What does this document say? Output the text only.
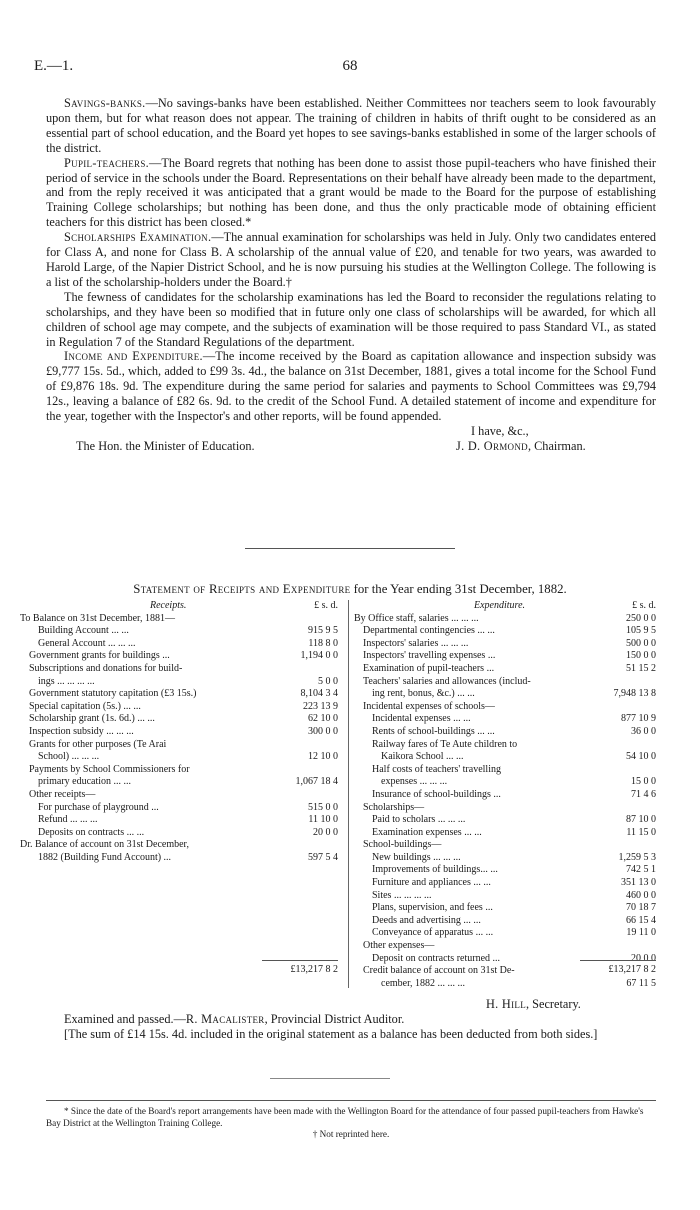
E.—1.	68

Savings-banks.—No savings-banks have been established. Neither Committees nor teachers seem to look favourably upon them, but for what reason does not appear. The training of children in habits of thrift ought to be considered as an essential part of school education, and the Board yet hopes to see savings-banks established in some of the larger schools of the district.

Pupil-teachers.—The Board regrets that nothing has been done to assist those pupil-teachers who have finished their period of service in the schools under the Board. Representations on their behalf have already been made to the department, and from the reply received it was anticipated that a grant would be made to the Board for the purpose of establishing Training College scholarships; but nothing has been done, and thus the only practicable mode of obtaining efficient teachers for this district has been closed.*

Scholarships Examination.—The annual examination for scholarships was held in July. Only two candidates entered for Class A, and none for Class B. A scholarship of the annual value of £20, and tenable for two years, was awarded to Harold Large, of the Napier District School, and he is now pursuing his studies at the Wellington College. The following is a list of the scholarship-holders under the Board.†

The fewness of candidates for the scholarship examinations has led the Board to reconsider the regulations relating to scholarships, and they have been so modified that in future only one class of scholarships will be awarded, for which all children of school age may compete, and the subjects of examination will be those required to pass Standard VI., as stated in Regulation 7 of the Standard Regulations of the department.

Income and Expenditure.—The income received by the Board as capitation allowance and inspection subsidy was £9,777 15s. 5d., which, added to £99 3s. 4d., the balance on 31st December, 1881, gives a total income for the School Fund of £9,876 18s. 9d. The expenditure during the same period for salaries and payments to School Committees was £9,794 12s., leaving a balance of £82 6s. 9d. to the credit of the School Fund. A detailed statement of income and expenditure for the year, together with the Inspector's and other reports, will be found appended.

I have, &c.,
The Hon. the Minister of Education.	J. D. Ormond, Chairman.
Statement of Receipts and Expenditure for the Year ending 31st December, 1882.
Receipts.	£ s. d.
To Balance on 31st December, 1881—
Building Account ... ...	915 9 5
General Account ... ... ...	118 8 0
Government grants for buildings ...	1,194 0 0
Subscriptions and donations for build-
ings ... ... ... ...	5 0 0
Government statutory capitation (£3 15s.)	8,104 3 4
Special capitation (5s.) ... ...	223 13 9
Scholarship grant (1s. 6d.) ... ...	62 10 0
Inspection subsidy ... ... ...	300 0 0
Grants for other purposes (Te Arai
School) ... ... ...	12 10 0
Payments by School Commissioners for
primary education ... ...	1,067 18 4
Other receipts—
For purchase of playground ...	515 0 0
Refund ... ... ...	11 10 0
Deposits on contracts ... ...	20 0 0
Dr. Balance of account on 31st December,
1882 (Building Fund Account) ...	597 5 4
Expenditure.	£ s. d.
By Office staff, salaries ... ... ...	250 0 0
Departmental contingencies ... ...	105 9 5
Inspectors' salaries ... ... ...	500 0 0
Inspectors' travelling expenses ...	150 0 0
Examination of pupil-teachers ...	51 15 2
Teachers' salaries and allowances (includ-
ing rent, bonus, &c.) ... ...	7,948 13 8
Incidental expenses of schools—
Incidental expenses ... ...	877 10 9
Rents of school-buildings ... ...	36 0 0
Railway fares of Te Aute children to
Kaikora School ... ...	54 10 0
Half costs of teachers' travelling
expenses ... ... ...	15 0 0
Insurance of school-buildings ...	71 4 6
Scholarships—
Paid to scholars ... ... ...	87 10 0
Examination expenses ... ...	11 15 0
School-buildings—
New buildings ... ... ...	1,259 5 3
Improvements of buildings... ...	742 5 1
Furniture and appliances ... ...	351 13 0
Sites ... ... ... ...	460 0 0
Plans, supervision, and fees ...	70 18 7
Deeds and advertising ... ...	66 15 4
Conveyance of apparatus ... ...	19 11 0
Other expenses—
Deposit on contracts returned ...	20 0 0
Credit balance of account on 31st De-
cember, 1882 ... ... ...	67 11 5
£13,217 8 2	£13,217 8 2

H. Hill, Secretary.

Examined and passed.—R. Macalister, Provincial District Auditor.

[The sum of £14 15s. 4d. included in the original statement as a balance has been deducted from both sides.]

* Since the date of the Board's report arrangements have been made with the Wellington Board for the attendance of four passed pupil-teachers from Hawke's Bay District at the Wellington Training College.

† Not reprinted here.
